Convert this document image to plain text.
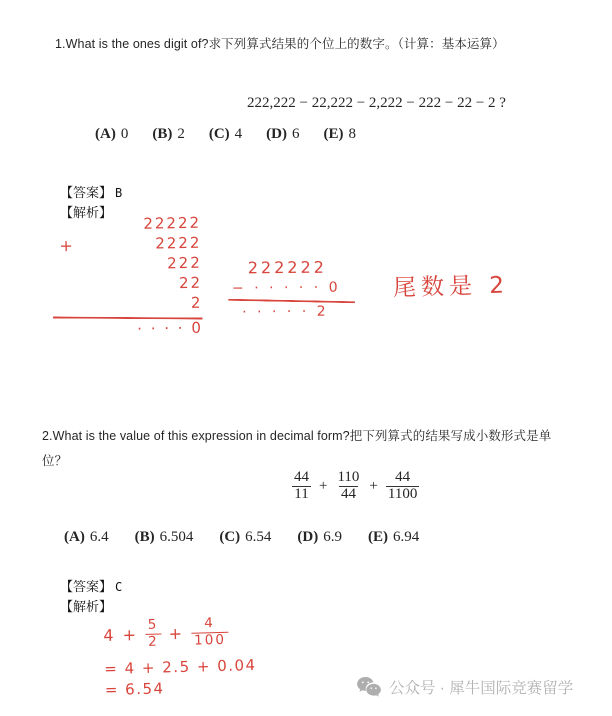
1.What is the ones digit of?求下列算式结果的个位上的数字。（计算：基本运算）

222,222 − 22,222 − 2,222 − 222 − 22 − 2 ?

(A) 0 (B) 2 (C) 4 (D) 6 (E) 8

【答案】 B

【解析】

+
22222
2222
222
22
2
· · · · 0
222222
− · · · · · 0
· · · · · 2
尾数是 2

2.What is the value of this expression in decimal form?把下列算式的结果写成小数形式是单

位？

$\frac{44}{11} + \frac{110}{44} + \frac{44}{1100}$
(A) 6.4 (B) 6.504 (C) 6.54 (D) 6.9 (E) 6.94

【答案】 C

【解析】

$4 + \frac{5}{2} + \frac{4}{100}$
= 4 + 2.5 + 0.04
= 6.54	公众号 · 犀牛国际竞赛留学
